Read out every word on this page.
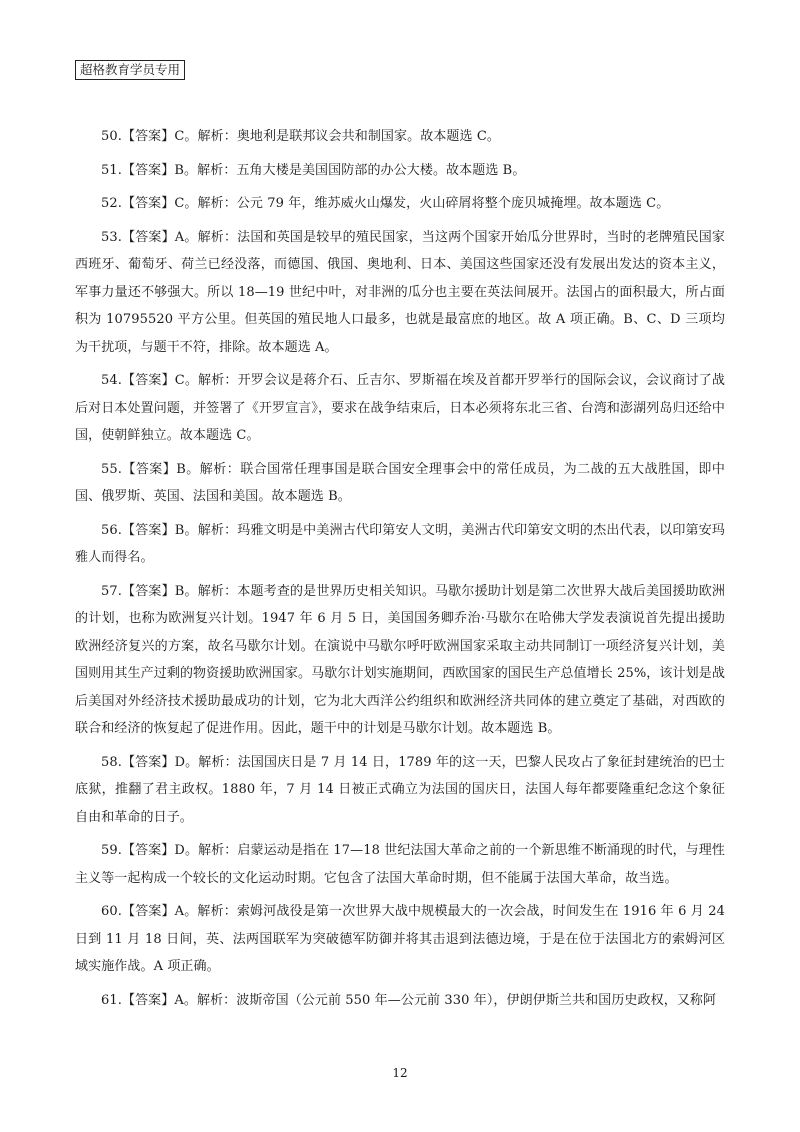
超格教育学员专用

50.【答案】C。解析：奥地利是联邦议会共和制国家。故本题选 C。

51.【答案】B。解析：五角大楼是美国国防部的办公大楼。故本题选 B。

52.【答案】C。解析：公元 79 年，维苏威火山爆发，火山碎屑将整个庞贝城掩埋。故本题选 C。

53.【答案】A。解析：法国和英国是较早的殖民国家，当这两个国家开始瓜分世界时，当时的老牌殖民国家西班牙、葡萄牙、荷兰已经没落，而德国、俄国、奥地利、日本、美国这些国家还没有发展出发达的资本主义，军事力量还不够强大。所以 18—19 世纪中叶，对非洲的瓜分也主要在英法间展开。法国占的面积最大，所占面积为 10795520 平方公里。但英国的殖民地人口最多，也就是最富庶的地区。故 A 项正确。B、C、D 三项均为干扰项，与题干不符，排除。故本题选 A。

54.【答案】C。解析：开罗会议是蒋介石、丘吉尔、罗斯福在埃及首都开罗举行的国际会议，会议商讨了战后对日本处置问题，并签署了《开罗宣言》，要求在战争结束后，日本必须将东北三省、台湾和澎湖列岛归还给中国，使朝鲜独立。故本题选 C。

55.【答案】B。解析：联合国常任理事国是联合国安全理事会中的常任成员，为二战的五大战胜国，即中国、俄罗斯、英国、法国和美国。故本题选 B。

56.【答案】B。解析：玛雅文明是中美洲古代印第安人文明，美洲古代印第安文明的杰出代表，以印第安玛雅人而得名。

57.【答案】B。解析：本题考查的是世界历史相关知识。马歇尔援助计划是第二次世界大战后美国援助欧洲的计划，也称为欧洲复兴计划。1947 年 6 月 5 日，美国国务卿乔治·马歇尔在哈佛大学发表演说首先提出援助欧洲经济复兴的方案，故名马歇尔计划。在演说中马歇尔呼吁欧洲国家采取主动共同制订一项经济复兴计划，美国则用其生产过剩的物资援助欧洲国家。马歇尔计划实施期间，西欧国家的国民生产总值增长 25%，该计划是战后美国对外经济技术援助最成功的计划，它为北大西洋公约组织和欧洲经济共同体的建立奠定了基础，对西欧的联合和经济的恢复起了促进作用。因此，题干中的计划是马歇尔计划。故本题选 B。

58.【答案】D。解析：法国国庆日是 7 月 14 日，1789 年的这一天，巴黎人民攻占了象征封建统治的巴士底狱，推翻了君主政权。1880 年，7 月 14 日被正式确立为法国的国庆日，法国人每年都要隆重纪念这个象征自由和革命的日子。

59.【答案】D。解析：启蒙运动是指在 17—18 世纪法国大革命之前的一个新思维不断涌现的时代，与理性主义等一起构成一个较长的文化运动时期。它包含了法国大革命时期，但不能属于法国大革命，故当选。

60.【答案】A。解析：索姆河战役是第一次世界大战中规模最大的一次会战，时间发生在 1916 年 6 月 24 日到 11 月 18 日间，英、法两国联军为突破德军防御并将其击退到法德边境，于是在位于法国北方的索姆河区域实施作战。A 项正确。

61.【答案】A。解析：波斯帝国（公元前 550 年—公元前 330 年），伊朗伊斯兰共和国历史政权，又称阿

12
